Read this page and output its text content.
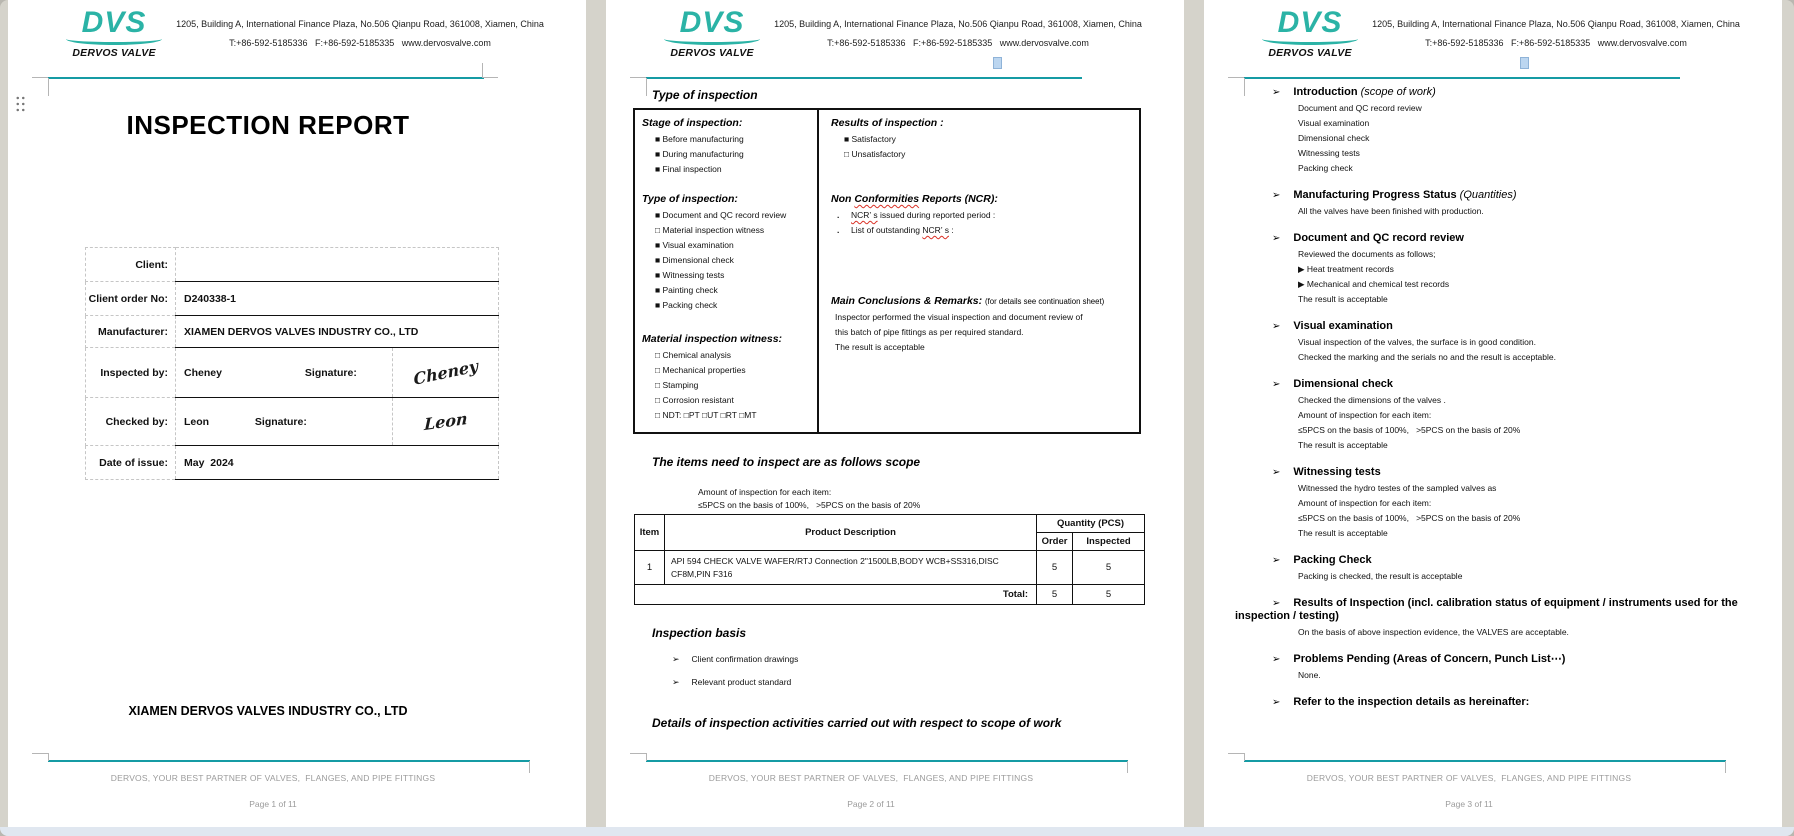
DVS
DERVOS VALVE
1205, Building A, International Finance Plaza, No.506 Qianpu Road, 361008, Xiamen, China
T:+86-592-5185336   F:+86-592-5185335   www.dervosvalve.com
INSPECTION REPORT
Client:		
Client order No:	D240338-1	
Manufacturer:	XIAMEN DERVOS VALVES INDUSTRY CO., LTD	
Inspected by:	Cheney Signature:	Cheney
Checked by:	Leon Signature:	Leon
Date of issue:	May  2024	
XIAMEN DERVOS VALVES INDUSTRY CO., LTD
DERVOS, YOUR BEST PARTNER OF VALVES,  FLANGES, AND PIPE FITTINGS
Page 1 of 11
DVS
DERVOS VALVE
1205, Building A, International Finance Plaza, No.506 Qianpu Road, 361008, Xiamen, China
T:+86-592-5185336   F:+86-592-5185335   www.dervosvalve.com
Type of inspection
Stage of inspection:
■ Before manufacturing
■ During manufacturing
■ Final inspection
Type of inspection:
■ Document and QC record review
□ Material inspection witness
■ Visual examination
■ Dimensional check
■ Witnessing tests
■ Painting check
■ Packing check
Material inspection witness:
□ Chemical analysis
□ Mechanical properties
□ Stamping
□ Corrosion resistant
□ NDT: □PT □UT □RT □MT
Results of inspection :
■ Satisfactory
□ Unsatisfactory
Non Conformities Reports (NCR):
. NCR’ s issued during reported period :
. List of outstanding NCR’ s :
Main Conclusions & Remarks: (for details see continuation sheet)
Inspector performed the visual inspection and document review of
this batch of pipe fittings as per required standard.
The result is acceptable
The items need to inspect are as follows scope
Amount of inspection for each item:
≤5PCS on the basis of 100%,   >5PCS on the basis of 20%
Item	Product Description	Quantity (PCS)	
		Order	Inspected
1	API 594 CHECK VALVE WAFER/RTJ Connection 2"1500LB,BODY WCB+SS316,DISC CF8M,PIN F316	5	5
Total:		5	5
Inspection basis
➢ Client confirmation drawings
➢ Relevant product standard
Details of inspection activities carried out with respect to scope of work
DERVOS, YOUR BEST PARTNER OF VALVES,  FLANGES, AND PIPE FITTINGS
Page 2 of 11
DVS
DERVOS VALVE
1205, Building A, International Finance Plaza, No.506 Qianpu Road, 361008, Xiamen, China
T:+86-592-5185336   F:+86-592-5185335   www.dervosvalve.com
➢ Introduction (scope of work)
Document and QC record review
Visual examination
Dimensional check
Witnessing tests
Packing check
➢ Manufacturing Progress Status (Quantities)
All the valves have been finished with production.
➢ Document and QC record review
Reviewed the documents as follows;
▶ Heat treatment records
▶ Mechanical and chemical test records
The result is acceptable
➢ Visual examination
Visual inspection of the valves, the surface is in good condition.
Checked the marking and the serials no and the result is acceptable.
➢ Dimensional check
Checked the dimensions of the valves .
Amount of inspection for each item:
≤5PCS on the basis of 100%,   >5PCS on the basis of 20%
The result is acceptable
➢ Witnessing tests
Witnessed the hydro testes of the sampled valves as
Amount of inspection for each item:
≤5PCS on the basis of 100%,   >5PCS on the basis of 20%
The result is acceptable
➢ Packing Check
Packing is checked, the result is acceptable
➢ Results of Inspection (incl. calibration status of equipment / instruments used for the inspection / testing)
On the basis of above inspection evidence, the VALVES are acceptable.
➢ Problems Pending (Areas of Concern, Punch List⋯)
None.
➢ Refer to the inspection details as hereinafter:
DERVOS, YOUR BEST PARTNER OF VALVES,  FLANGES, AND PIPE FITTINGS
Page 3 of 11
